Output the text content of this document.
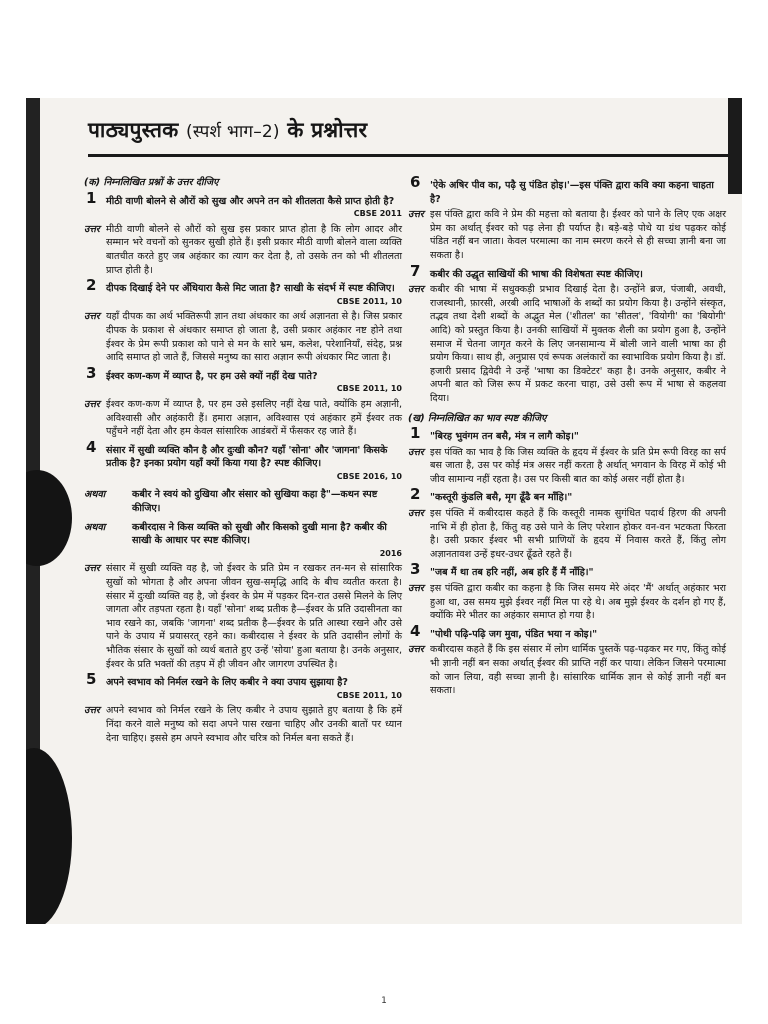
पाठ्यपुस्तक (स्पर्श भाग–2) के प्रश्नोत्तर
(क) निम्नलिखित प्रश्नों के उत्तर दीजिए
1 मीठी वाणी बोलने से औरों को सुख और अपने तन को शीतलता कैसे प्राप्त होती है?
CBSE 2011
उत्तर मीठी वाणी बोलने से औरों को सुख इस प्रकार प्राप्त होता है कि लोग आदर और सम्मान भरे वचनों को सुनकर सुखी होते हैं। इसी प्रकार मीठी वाणी बोलने वाला व्यक्ति बातचीत करते हुए जब अहंकार का त्याग कर देता है, तो उसके तन को भी शीतलता प्राप्त होती है।
2 दीपक दिखाई देने पर अँधियारा कैसे मिट जाता है? साखी के संदर्भ में स्पष्ट कीजिए।
CBSE 2011, 10
उत्तर यहाँ दीपक का अर्थ भक्तिरूपी ज्ञान तथा अंधकार का अर्थ अज्ञानता से है। जिस प्रकार दीपक के प्रकाश से अंधकार समाप्त हो जाता है, उसी प्रकार अहंकार नष्ट होने तथा ईश्वर के प्रेम रूपी प्रकाश को पाने से मन के सारे भ्रम, कलेश, परेशानियाँ, संदेह, प्रश्न आदि समाप्त हो जाते हैं, जिससे मनुष्य का सारा अज्ञान रूपी अंधकार मिट जाता है।
3 ईश्वर कण-कण में व्याप्त है, पर हम उसे क्यों नहीं देख पाते?
CBSE 2011, 10
उत्तर ईश्वर कण-कण में व्याप्त है, पर हम उसे इसलिए नहीं देख पाते, क्योंकि हम अज्ञानी, अविश्वासी और अहंकारी हैं। हमारा अज्ञान, अविश्वास एवं अहंकार हमें ईश्वर तक पहुँचने नहीं देता और हम केवल सांसारिक आडंबरों में फँसकर रह जाते हैं।
4 संसार में सुखी व्यक्ति कौन है और दुःखी कौन? यहाँ 'सोना' और 'जागना' किसके प्रतीक है? इनका प्रयोग यहाँ क्यों किया गया है? स्पष्ट कीजिए।
CBSE 2016, 10
अथवा	कबीर ने स्वयं को दुखिया और संसार को सुखिया कहा है"—कथन स्पष्ट कीजिए।
अथवा	कबीरदास ने किस व्यक्ति को सुखी और किसको दुखी माना है? कबीर की साखी के आधार पर स्पष्ट कीजिए।
2016
उत्तर संसार में सुखी व्यक्ति वह है, जो ईश्वर के प्रति प्रेम न रखकर तन-मन से सांसारिक सुखों को भोगता है और अपना जीवन सुख-समृद्धि आदि के बीच व्यतीत करता है। संसार में दुःखी व्यक्ति वह है, जो ईश्वर के प्रेम में पड़कर दिन-रात उससे मिलने के लिए जागता और तड़पता रहता है। यहाँ 'सोना' शब्द प्रतीक है—ईश्वर के प्रति उदासीनता का भाव रखने का, जबकि 'जागना' शब्द प्रतीक है—ईश्वर के प्रति आस्था रखने और उसे पाने के उपाय में प्रयासरत् रहने का। कबीरदास ने ईश्वर के प्रति उदासीन लोगों के भौतिक संसार के सुखों को व्यर्थ बताते हुए उन्हें 'सोया' हुआ बताया है। उनके अनुसार, ईश्वर के प्रति भक्तों की तड़प में ही जीवन और जागरण उपस्थित है।
5 अपने स्वभाव को निर्मल रखने के लिए कबीर ने क्या उपाय सुझाया है?
CBSE 2011, 10
उत्तर अपने स्वभाव को निर्मल रखने के लिए कबीर ने उपाय सुझाते हुए बताया है कि हमें निंदा करने वाले मनुष्य को सदा अपने पास रखना चाहिए और उनकी बातों पर ध्यान देना चाहिए। इससे हम अपने स्वभाव और चरित्र को निर्मल बना सकते हैं।
6 'ऐके अषिर पीव का, पढ़ै सु पंडित होइ।'—इस पंक्ति द्वारा कवि क्या कहना चाहता है?
उत्तर इस पंक्ति द्वारा कवि ने प्रेम की महत्ता को बताया है। ईश्वर को पाने के लिए एक अक्षर प्रेम का अर्थात् ईश्वर को पढ़ लेना ही पर्याप्त है। बड़े-बड़े पोथे या ग्रंथ पढ़कर कोई पंडित नहीं बन जाता। केवल परमात्मा का नाम स्मरण करने से ही सच्चा ज्ञानी बना जा सकता है।
7 कबीर की उद्धृत साखियों की भाषा की विशेषता स्पष्ट कीजिए।
उत्तर कबीर की भाषा में सधुक्कड़ी प्रभाव दिखाई देता है। उन्होंने ब्रज, पंजाबी, अवधी, राजस्थानी, फ़ारसी, अरबी आदि भाषाओं के शब्दों का प्रयोग किया है। उन्होंने संस्कृत, तद्भव तथा देशी शब्दों के अद्भुत मेल ('शीतल' का 'सीतल', 'वियोगी' का 'बियोगी' आदि) को प्रस्तुत किया है। उनकी साखियों में मुक्तक शैली का प्रयोग हुआ है, उन्होंने समाज में चेतना जागृत करने के लिए जनसामान्य में बोली जाने वाली भाषा का ही प्रयोग किया। साथ ही, अनुप्रास एवं रूपक अलंकारों का स्वाभाविक प्रयोग किया है। डॉ. हजारी प्रसाद द्विवेदी ने उन्हें 'भाषा का डिक्टेटर' कहा है। उनके अनुसार, कबीर ने अपनी बात को जिस रूप में प्रकट करना चाहा, उसे उसी रूप में भाषा से कहलवा दिया।
(ख) निम्नलिखित का भाव स्पष्ट कीजिए
1 "बिरह भुवंगम तन बसै, मंत्र न लागै कोइ।"
उत्तर इस पंक्ति का भाव है कि जिस व्यक्ति के हृदय में ईश्वर के प्रति प्रेम रूपी विरह का सर्प बस जाता है, उस पर कोई मंत्र असर नहीं करता है अर्थात् भगवान के विरह में कोई भी जीव सामान्य नहीं रहता है। उस पर किसी बात का कोई असर नहीं होता है।
2 "कस्तूरी कुंडलि बसै, मृग ढूँढै बन माँहि।"
उत्तर इस पंक्ति में कबीरदास कहते हैं कि कस्तूरी नामक सुगंधित पदार्थ हिरण की अपनी नाभि में ही होता है, किंतु वह उसे पाने के लिए परेशान होकर वन-वन भटकता फिरता है। उसी प्रकार ईश्वर भी सभी प्राणियों के हृदय में निवास करते हैं, किंतु लोग अज्ञानतावश उन्हें इधर-उधर ढूँढते रहते हैं।
3 "जब मैं था तब हरि नहीं, अब हरि हैं मैं नाँहि।"
उत्तर इस पंक्ति द्वारा कबीर का कहना है कि जिस समय मेरे अंदर 'मैं' अर्थात् अहंकार भरा हुआ था, उस समय मुझे ईश्वर नहीं मिल पा रहे थे। अब मुझे ईश्वर के दर्शन हो गए हैं, क्योंकि मेरे भीतर का अहंकार समाप्त हो गया है।
4 "पोथी पढ़ि-पढ़ि जग मुवा, पंडित भया न कोइ।"
उत्तर कबीरदास कहते हैं कि इस संसार में लोग धार्मिक पुस्तकें पढ़-पढ़कर मर गए, किंतु कोई भी ज्ञानी नहीं बन सका अर्थात् ईश्वर की प्राप्ति नहीं कर पाया। लेकिन जिसने परमात्मा को जान लिया, वही सच्चा ज्ञानी है। सांसारिक धार्मिक ज्ञान से कोई ज्ञानी नहीं बन सकता।
1
